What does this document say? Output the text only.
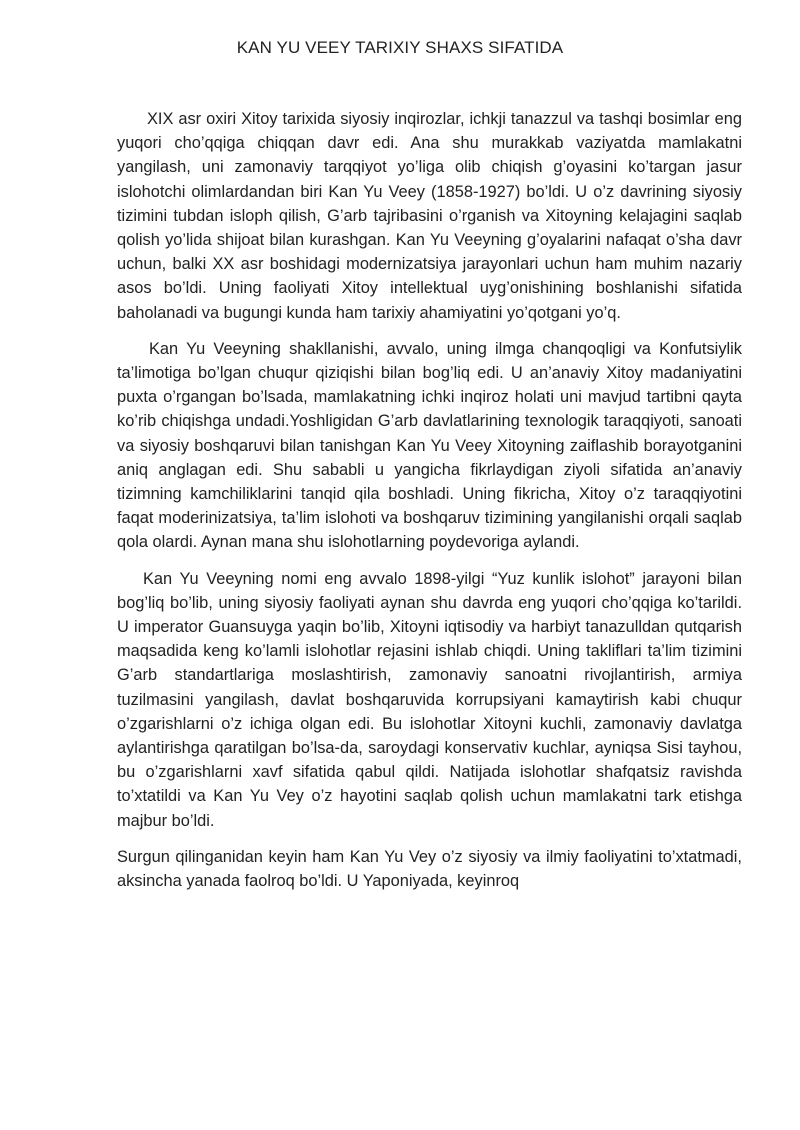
KAN YU VEEY TARIXIY SHAXS SIFATIDA

XIX asr oxiri Xitoy tarixida siyosiy inqirozlar, ichkji tanazzul va tashqi bosimlar eng yuqori cho’qqiga chiqqan davr edi. Ana shu murakkab vaziyatda mamlakatni yangilash, uni zamonaviy tarqqiyot yo’liga olib chiqish g’oyasini ko’targan jasur islohotchi olimlardandan biri Kan Yu Veey (1858-1927) bo’ldi. U o’z davrining siyosiy tizimini tubdan isloph qilish, G’arb tajribasini o’rganish va Xitoyning kelajagini saqlab qolish yo’lida shijoat bilan kurashgan. Kan Yu Veeyning g’oyalarini nafaqat o’sha davr uchun, balki XX asr boshidagi modernizatsiya jarayonlari uchun ham muhim nazariy asos bo’ldi. Uning faoliyati Xitoy intellektual uyg’onishining boshlanishi sifatida baholanadi va bugungi kunda ham tarixiy ahamiyatini yo’qotgani yo’q.

Kan Yu Veeyning shakllanishi, avvalo, uning ilmga chanqoqligi va Konfutsiylik ta’limotiga bo’lgan chuqur qiziqishi bilan bog’liq edi. U an’anaviy Xitoy madaniyatini puxta o’rgangan bo’lsada, mamlakatning ichki inqiroz holati uni mavjud tartibni qayta ko’rib chiqishga undadi.Yoshligidan G’arb davlatlarining texnologik taraqqiyoti, sanoati va siyosiy boshqaruvi bilan tanishgan Kan Yu Veey Xitoyning zaiflashib borayotganini aniq anglagan edi. Shu sababli u yangicha fikrlaydigan ziyoli sifatida an’anaviy tizimning kamchiliklarini tanqid qila boshladi. Uning fikricha, Xitoy o’z taraqqiyotini faqat moderinizatsiya, ta’lim islohoti va boshqaruv tizimining yangilanishi orqali saqlab qola olardi. Aynan mana shu islohotlarning poydevoriga aylandi.

Kan Yu Veeyning nomi eng avvalo 1898-yilgi “Yuz kunlik islohot” jarayoni bilan bog’liq bo’lib, uning siyosiy faoliyati aynan shu davrda eng yuqori cho’qqiga ko’tarildi. U imperator Guansuyga yaqin bo’lib, Xitoyni iqtisodiy va harbiyt tanazulldan qutqarish maqsadida keng ko’lamli islohotlar rejasini ishlab chiqdi. Uning takliflari ta’lim tizimini G’arb standartlariga moslashtirish, zamonaviy sanoatni rivojlantirish, armiya tuzilmasini yangilash, davlat boshqaruvida korrupsiyani kamaytirish kabi chuqur o’zgarishlarni o’z ichiga olgan edi. Bu islohotlar Xitoyni kuchli, zamonaviy davlatga aylantirishga qaratilgan bo’lsa-da, saroydagi konservativ kuchlar, ayniqsa Sisi tayhou, bu o’zgarishlarni xavf sifatida qabul qildi. Natijada islohotlar shafqatsiz ravishda to’xtatildi va Kan Yu Vey o’z hayotini saqlab qolish uchun mamlakatni tark etishga majbur bo’ldi.

Surgun qilinganidan keyin ham Kan Yu Vey o’z siyosiy va ilmiy faoliyatini to’xtatmadi, aksincha yanada faolroq bo’ldi. U Yaponiyada, keyinroq
